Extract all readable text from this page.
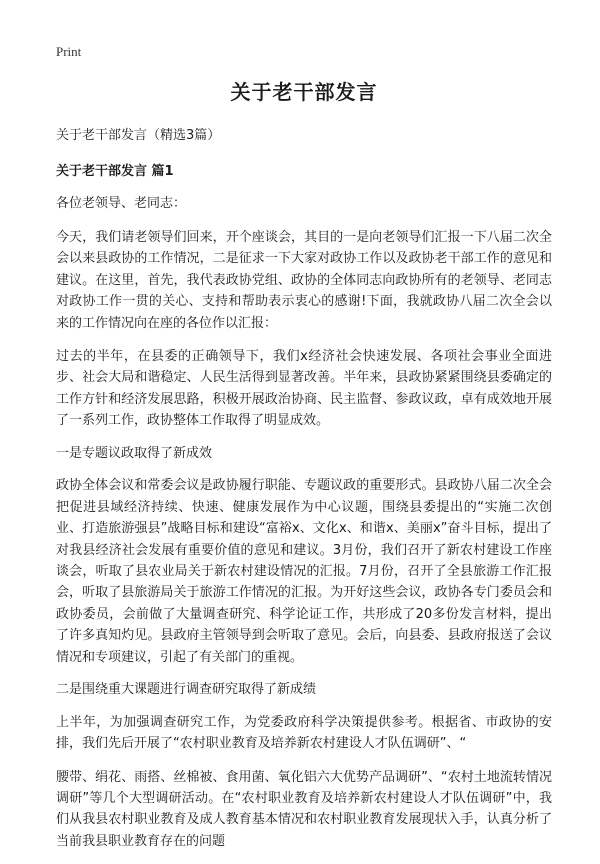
Print
关于老干部发言

关于老干部发言（精选3篇）

关于老干部发言 篇1

各位老领导、老同志：

今天，我们请老领导们回来，开个座谈会，其目的一是向老领导们汇报一下八届二次全会以来县政协的工作情况，二是征求一下大家对政协工作以及政协老干部工作的意见和建议。在这里，首先，我代表政协党组、政协的全体同志向政协所有的老领导、老同志对政协工作一贯的关心、支持和帮助表示衷心的感谢!下面，我就政协八届二次全会以来的工作情况向在座的各位作以汇报：

过去的半年，在县委的正确领导下，我们x经济社会快速发展、各项社会事业全面进步、社会大局和谐稳定、人民生活得到显著改善。半年来，县政协紧紧围绕县委确定的工作方针和经济发展思路，积极开展政治协商、民主监督、参政议政，卓有成效地开展了一系列工作，政协整体工作取得了明显成效。

一是专题议政取得了新成效

政协全体会议和常委会议是政协履行职能、专题议政的重要形式。县政协八届二次全会把促进县域经济持续、快速、健康发展作为中心议题，围绕县委提出的“实施二次创业、打造旅游强县”战略目标和建设“富裕x、文化x、和谐x、美丽x”奋斗目标，提出了对我县经济社会发展有重要价值的意见和建议。3月份，我们召开了新农村建设工作座谈会，听取了县农业局关于新农村建设情况的汇报。7月份，召开了全县旅游工作汇报会，听取了县旅游局关于旅游工作情况的汇报。为开好这些会议，政协各专门委员会和政协委员，会前做了大量调查研究、科学论证工作，共形成了20多份发言材料，提出了许多真知灼见。县政府主管领导到会听取了意见。会后，向县委、县政府报送了会议情况和专项建议，引起了有关部门的重视。

二是围绕重大课题进行调查研究取得了新成绩

上半年，为加强调查研究工作，为党委政府科学决策提供参考。根据省、市政协的安排，我们先后开展了“农村职业教育及培养新农村建设人才队伍调研”、“

腰带、绢花、雨搭、丝棉被、食用菌、氧化铝六大优势产品调研”、“农村土地流转情况调研”等几个大型调研活动。在“农村职业教育及培养新农村建设人才队伍调研”中，我们从我县农村职业教育及成人教育基本情况和农村职业教育发展现状入手，认真分析了当前我县职业教育存在的问题
